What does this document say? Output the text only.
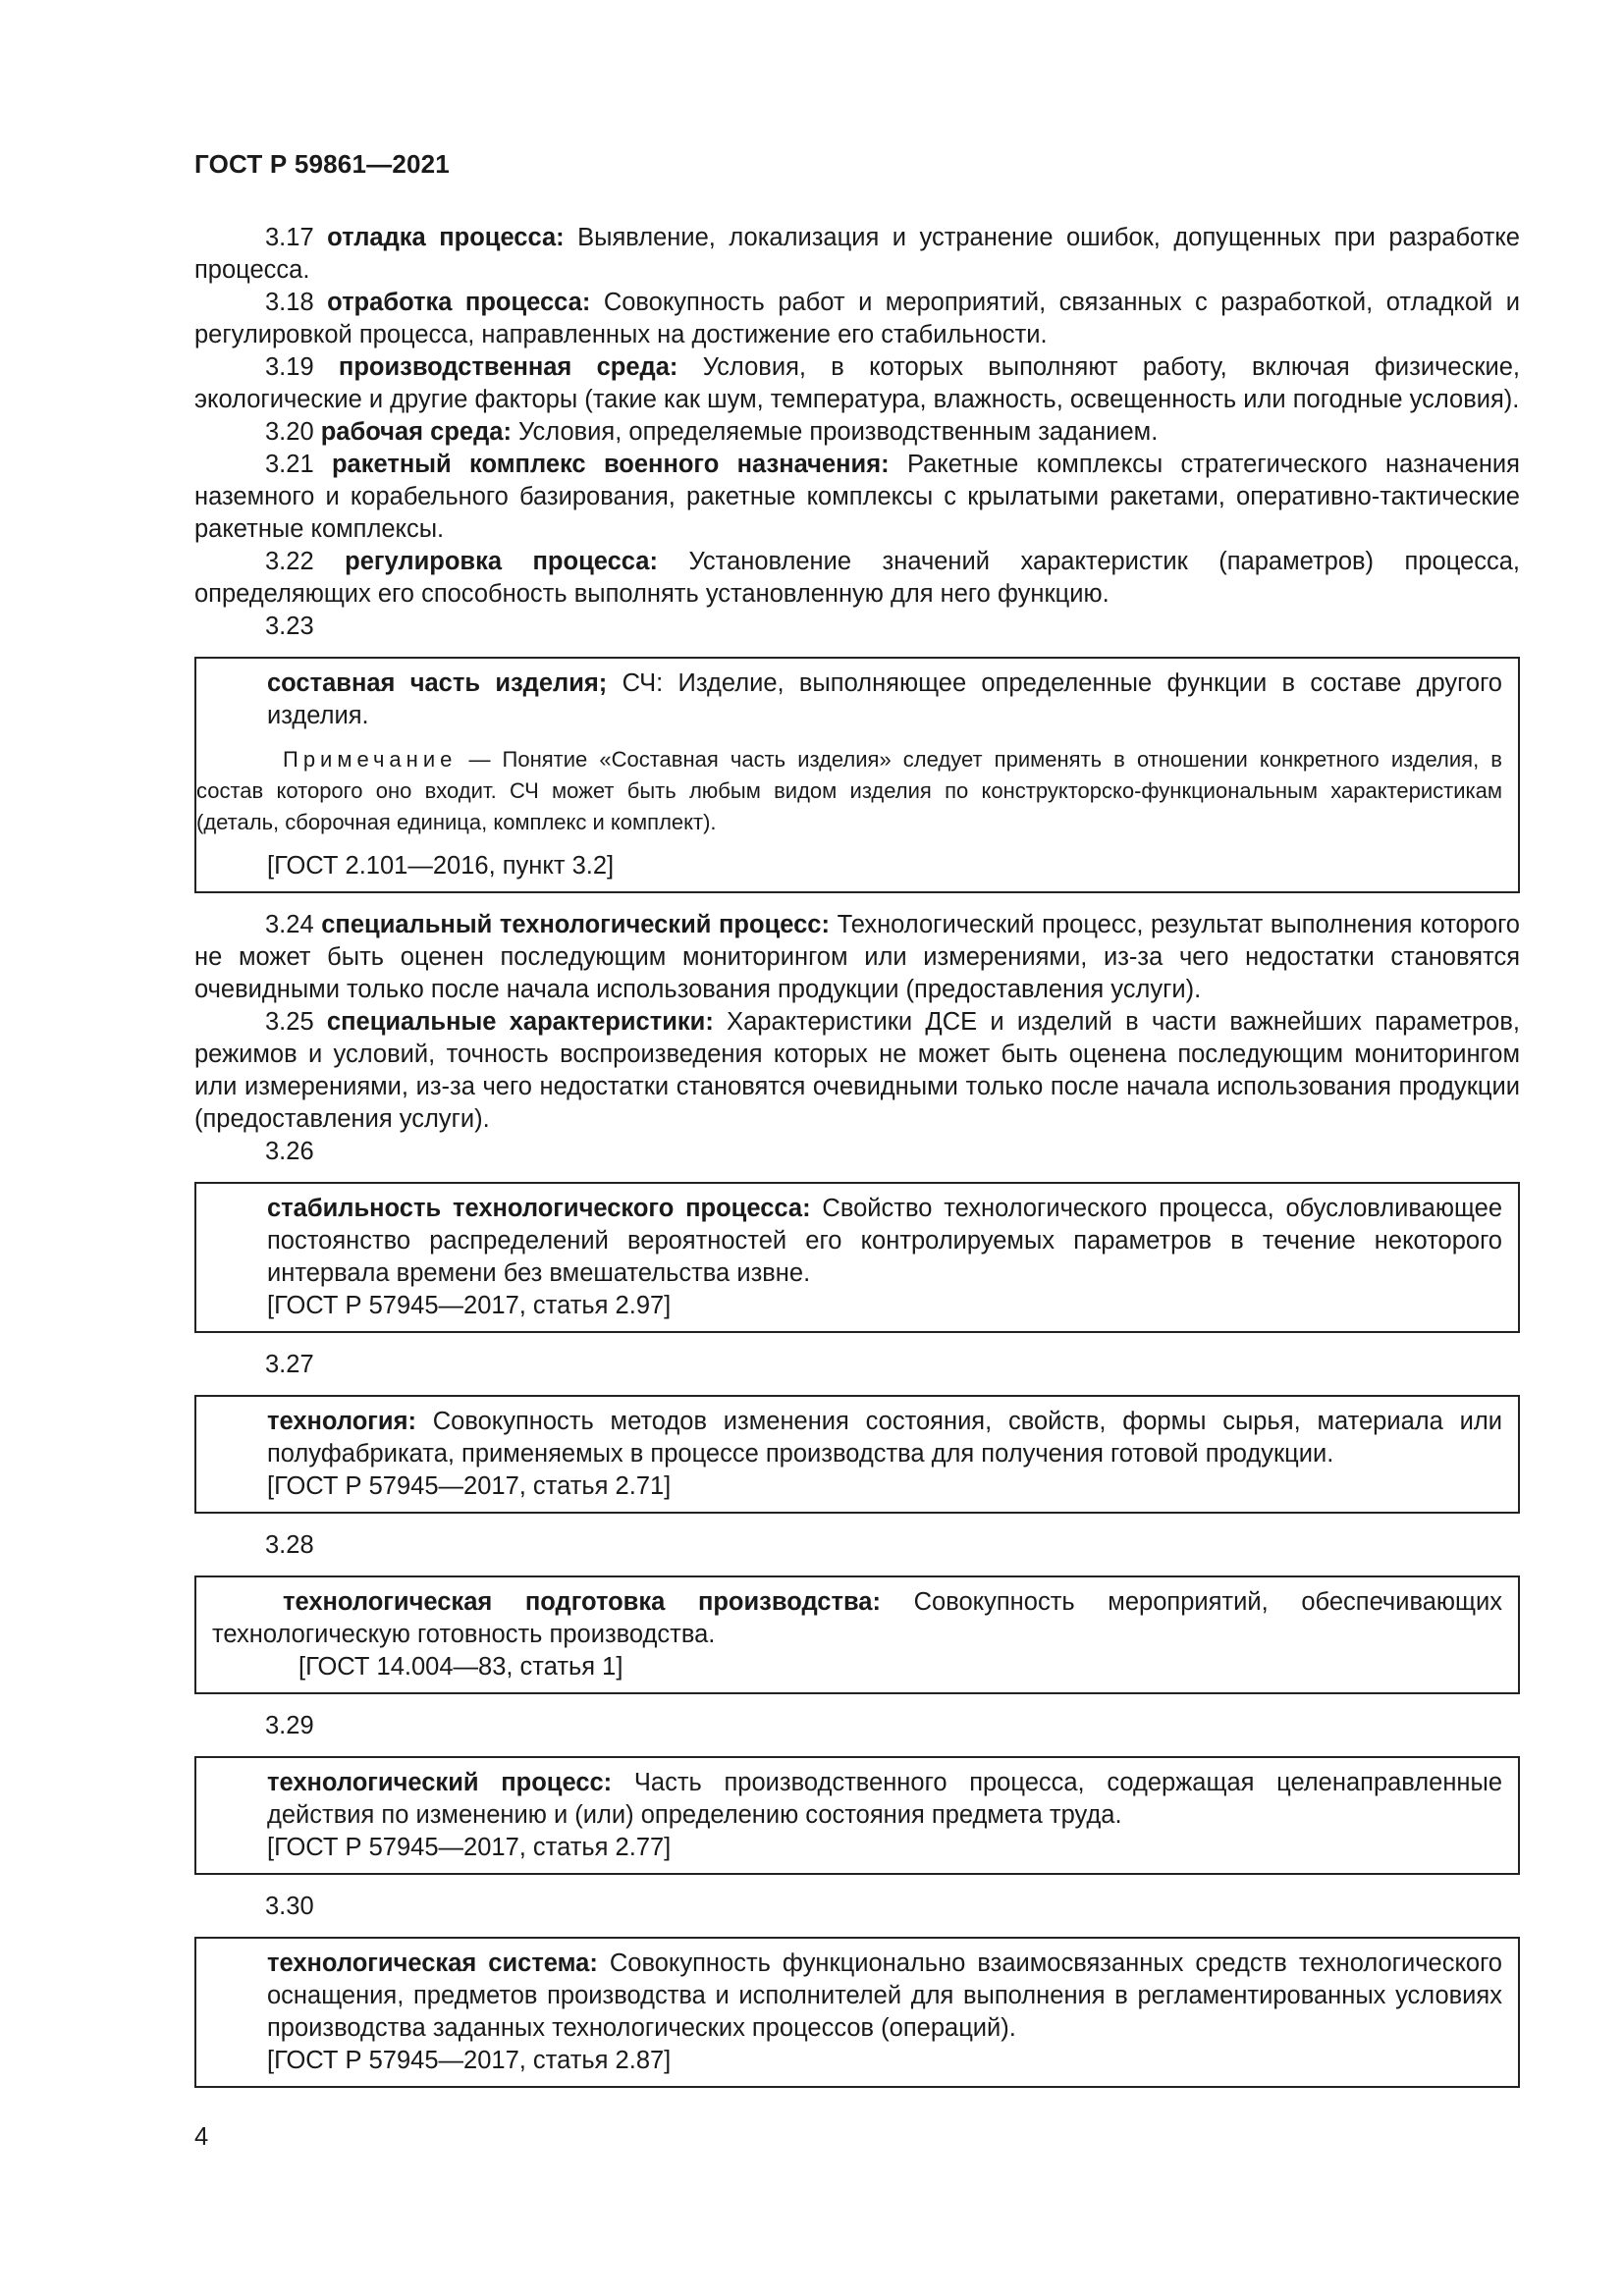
ГОСТ Р 59861—2021

3.17 отладка процесса: Выявление, локализация и устранение ошибок, допущенных при разработке процесса.

3.18 отработка процесса: Совокупность работ и мероприятий, связанных с разработкой, отладкой и регулировкой процесса, направленных на достижение его стабильности.

3.19 производственная среда: Условия, в которых выполняют работу, включая физические, экологические и другие факторы (такие как шум, температура, влажность, освещенность или погодные условия).

3.20 рабочая среда: Условия, определяемые производственным заданием.

3.21 ракетный комплекс военного назначения: Ракетные комплексы стратегического назначения наземного и корабельного базирования, ракетные комплексы с крылатыми ракетами, оперативно-тактические ракетные комплексы.

3.22 регулировка процесса: Установление значений характеристик (параметров) процесса, определяющих его способность выполнять установленную для него функцию.

3.23

составная часть изделия; СЧ: Изделие, выполняющее определенные функции в составе другого изделия.

Примечание — Понятие «Составная часть изделия» следует применять в отношении конкретного изделия, в состав которого оно входит. СЧ может быть любым видом изделия по конструкторско-функциональным характеристикам (деталь, сборочная единица, комплекс и комплект).

[ГОСТ 2.101—2016, пункт 3.2]

3.24 специальный технологический процесс: Технологический процесс, результат выполнения которого не может быть оценен последующим мониторингом или измерениями, из-за чего недостатки становятся очевидными только после начала использования продукции (предоставления услуги).

3.25 специальные характеристики: Характеристики ДСЕ и изделий в части важнейших параметров, режимов и условий, точность воспроизведения которых не может быть оценена последующим мониторингом или измерениями, из-за чего недостатки становятся очевидными только после начала использования продукции (предоставления услуги).

3.26

стабильность технологического процесса: Свойство технологического процесса, обусловливающее постоянство распределений вероятностей его контролируемых параметров в течение некоторого интервала времени без вмешательства извне.

[ГОСТ Р 57945—2017, статья 2.97]

3.27

технология: Совокупность методов изменения состояния, свойств, формы сырья, материала или полуфабриката, применяемых в процессе производства для получения готовой продукции.

[ГОСТ Р 57945—2017, статья 2.71]

3.28

технологическая подготовка производства: Совокупность мероприятий, обеспечивающих технологическую готовность производства.

[ГОСТ 14.004—83, статья 1]

3.29

технологический процесс: Часть производственного процесса, содержащая целенаправленные действия по изменению и (или) определению состояния предмета труда.

[ГОСТ Р 57945—2017, статья 2.77]

3.30

технологическая система: Совокупность функционально взаимосвязанных средств технологического оснащения, предметов производства и исполнителей для выполнения в регламентированных условиях производства заданных технологических процессов (операций).

[ГОСТ Р 57945—2017, статья 2.87]

4
